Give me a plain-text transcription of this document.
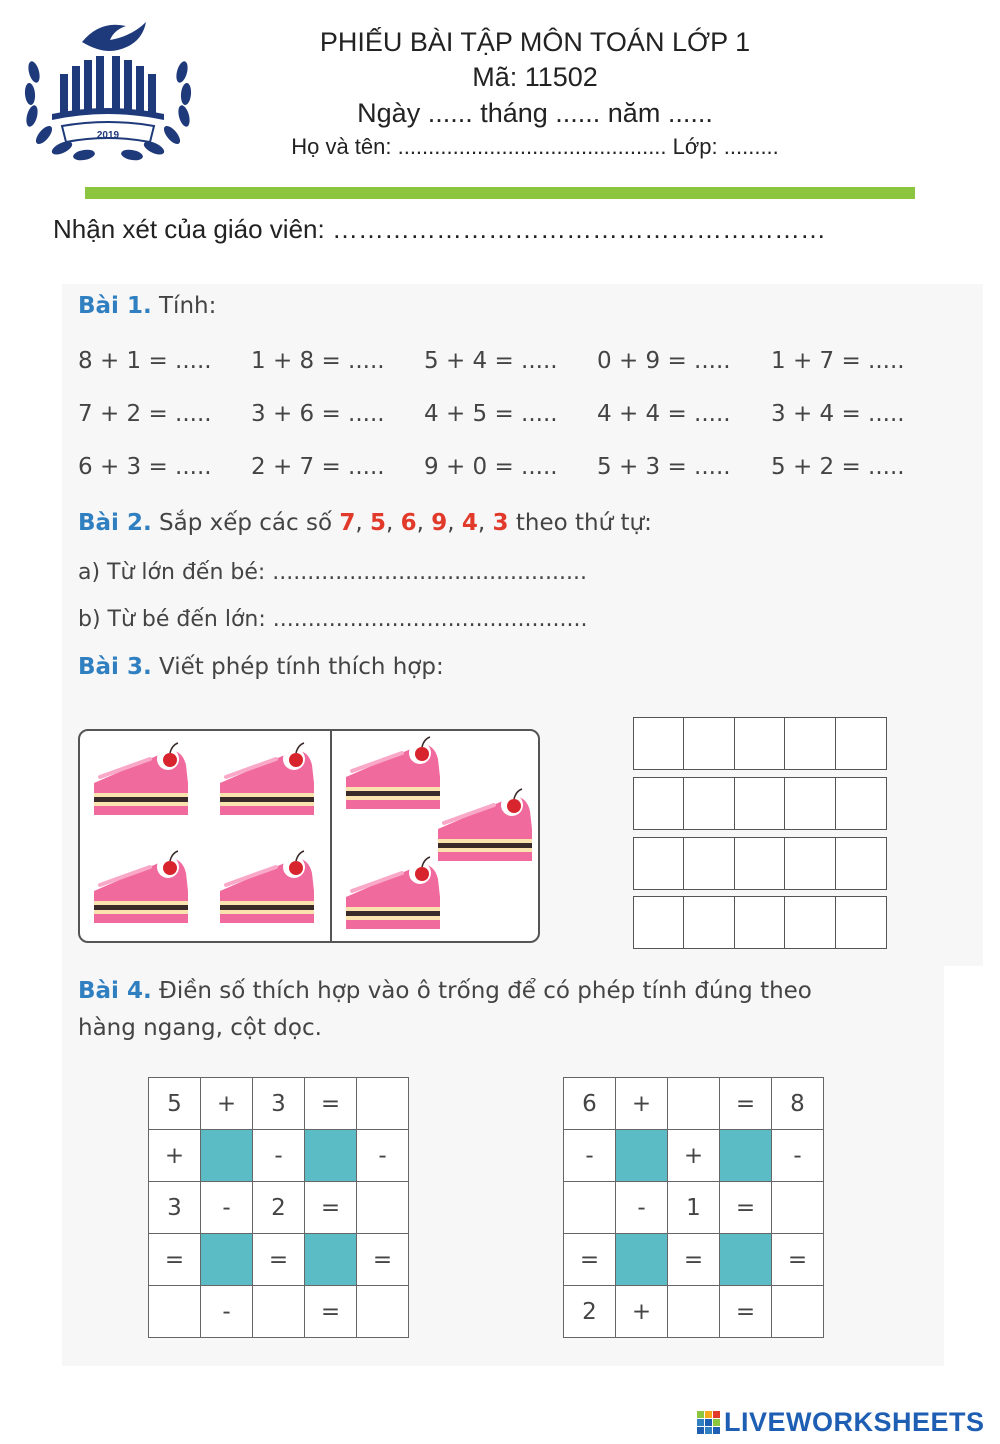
2019
PHIẾU BÀI TẬP MÔN TOÁN LỚP 1
Mã: 11502
Ngày ...... tháng ...... năm ......
Họ và tên: ............................................ Lớp: .........
Nhận xét của giáo viên: …………………………………………………
Bài 1. Tính:
8 + 1 = ..... 1 + 8 = ..... 5 + 4 = ..... 0 + 9 = ..... 1 + 7 = .....
7 + 2 = ..... 3 + 6 = ..... 4 + 5 = ..... 4 + 4 = ..... 3 + 4 = .....
6 + 3 = ..... 2 + 7 = ..... 9 + 0 = ..... 5 + 3 = ..... 5 + 2 = .....
Bài 2. Sắp xếp các số 7, 5, 6, 9, 4, 3 theo thứ tự:
a) Từ lớn đến bé: .............................................
b) Từ bé đến lớn: .............................................
Bài 3. Viết phép tính thích hợp:
Bài 4. Điền số thích hợp vào ô trống để có phép tính đúng theo
hàng ngang, cột dọc.
5	+	3	=	
+		-		-
3	-	2	=	
=		=		=
	-		=	
6	+		=	8
-		+		-
	-	1	=	
=		=		=
2	+		=	
LIVEWORKSHEETS
